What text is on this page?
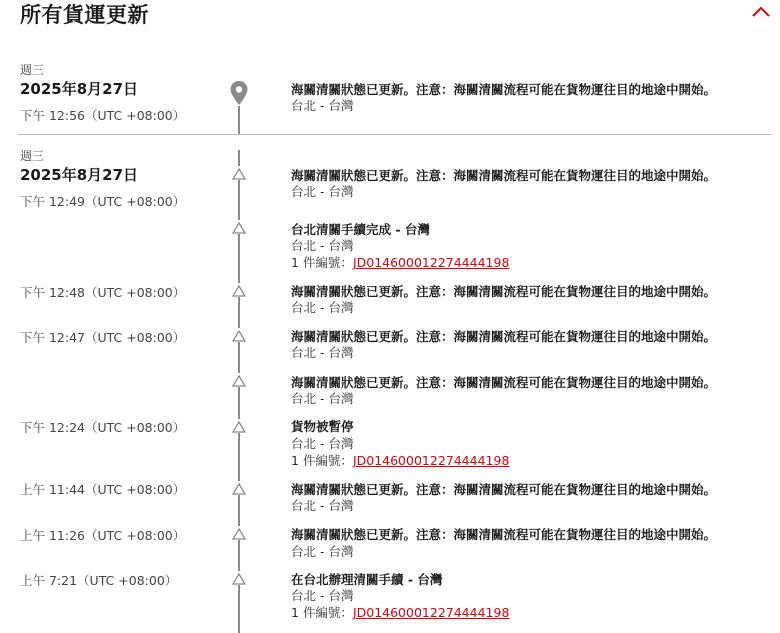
所有貨運更新
週三
2025年8月27日
下午 12:56（UTC +08:00）
海關清關狀態已更新。注意：海關清關流程可能在貨物運往目的地途中開始。
台北 - 台灣
週三
2025年8月27日
下午 12:49（UTC +08:00）
海關清關狀態已更新。注意：海關清關流程可能在貨物運往目的地途中開始。
台北 - 台灣
台北清關手續完成 - 台灣
台北 - 台灣
1 件編號：JD014600012274444198
下午 12:48（UTC +08:00）	海關清關狀態已更新。注意：海關清關流程可能在貨物運往目的地途中開始。
台北 - 台灣
下午 12:47（UTC +08:00）	海關清關狀態已更新。注意：海關清關流程可能在貨物運往目的地途中開始。
台北 - 台灣
海關清關狀態已更新。注意：海關清關流程可能在貨物運往目的地途中開始。
台北 - 台灣
下午 12:24（UTC +08:00）	貨物被暫停
台北 - 台灣
1 件編號：JD014600012274444198
上午 11:44（UTC +08:00）	海關清關狀態已更新。注意：海關清關流程可能在貨物運往目的地途中開始。
台北 - 台灣
上午 11:26（UTC +08:00）	海關清關狀態已更新。注意：海關清關流程可能在貨物運往目的地途中開始。
台北 - 台灣
上午 7:21（UTC +08:00）	在台北辦理清關手續 - 台灣
台北 - 台灣
1 件編號：JD014600012274444198
